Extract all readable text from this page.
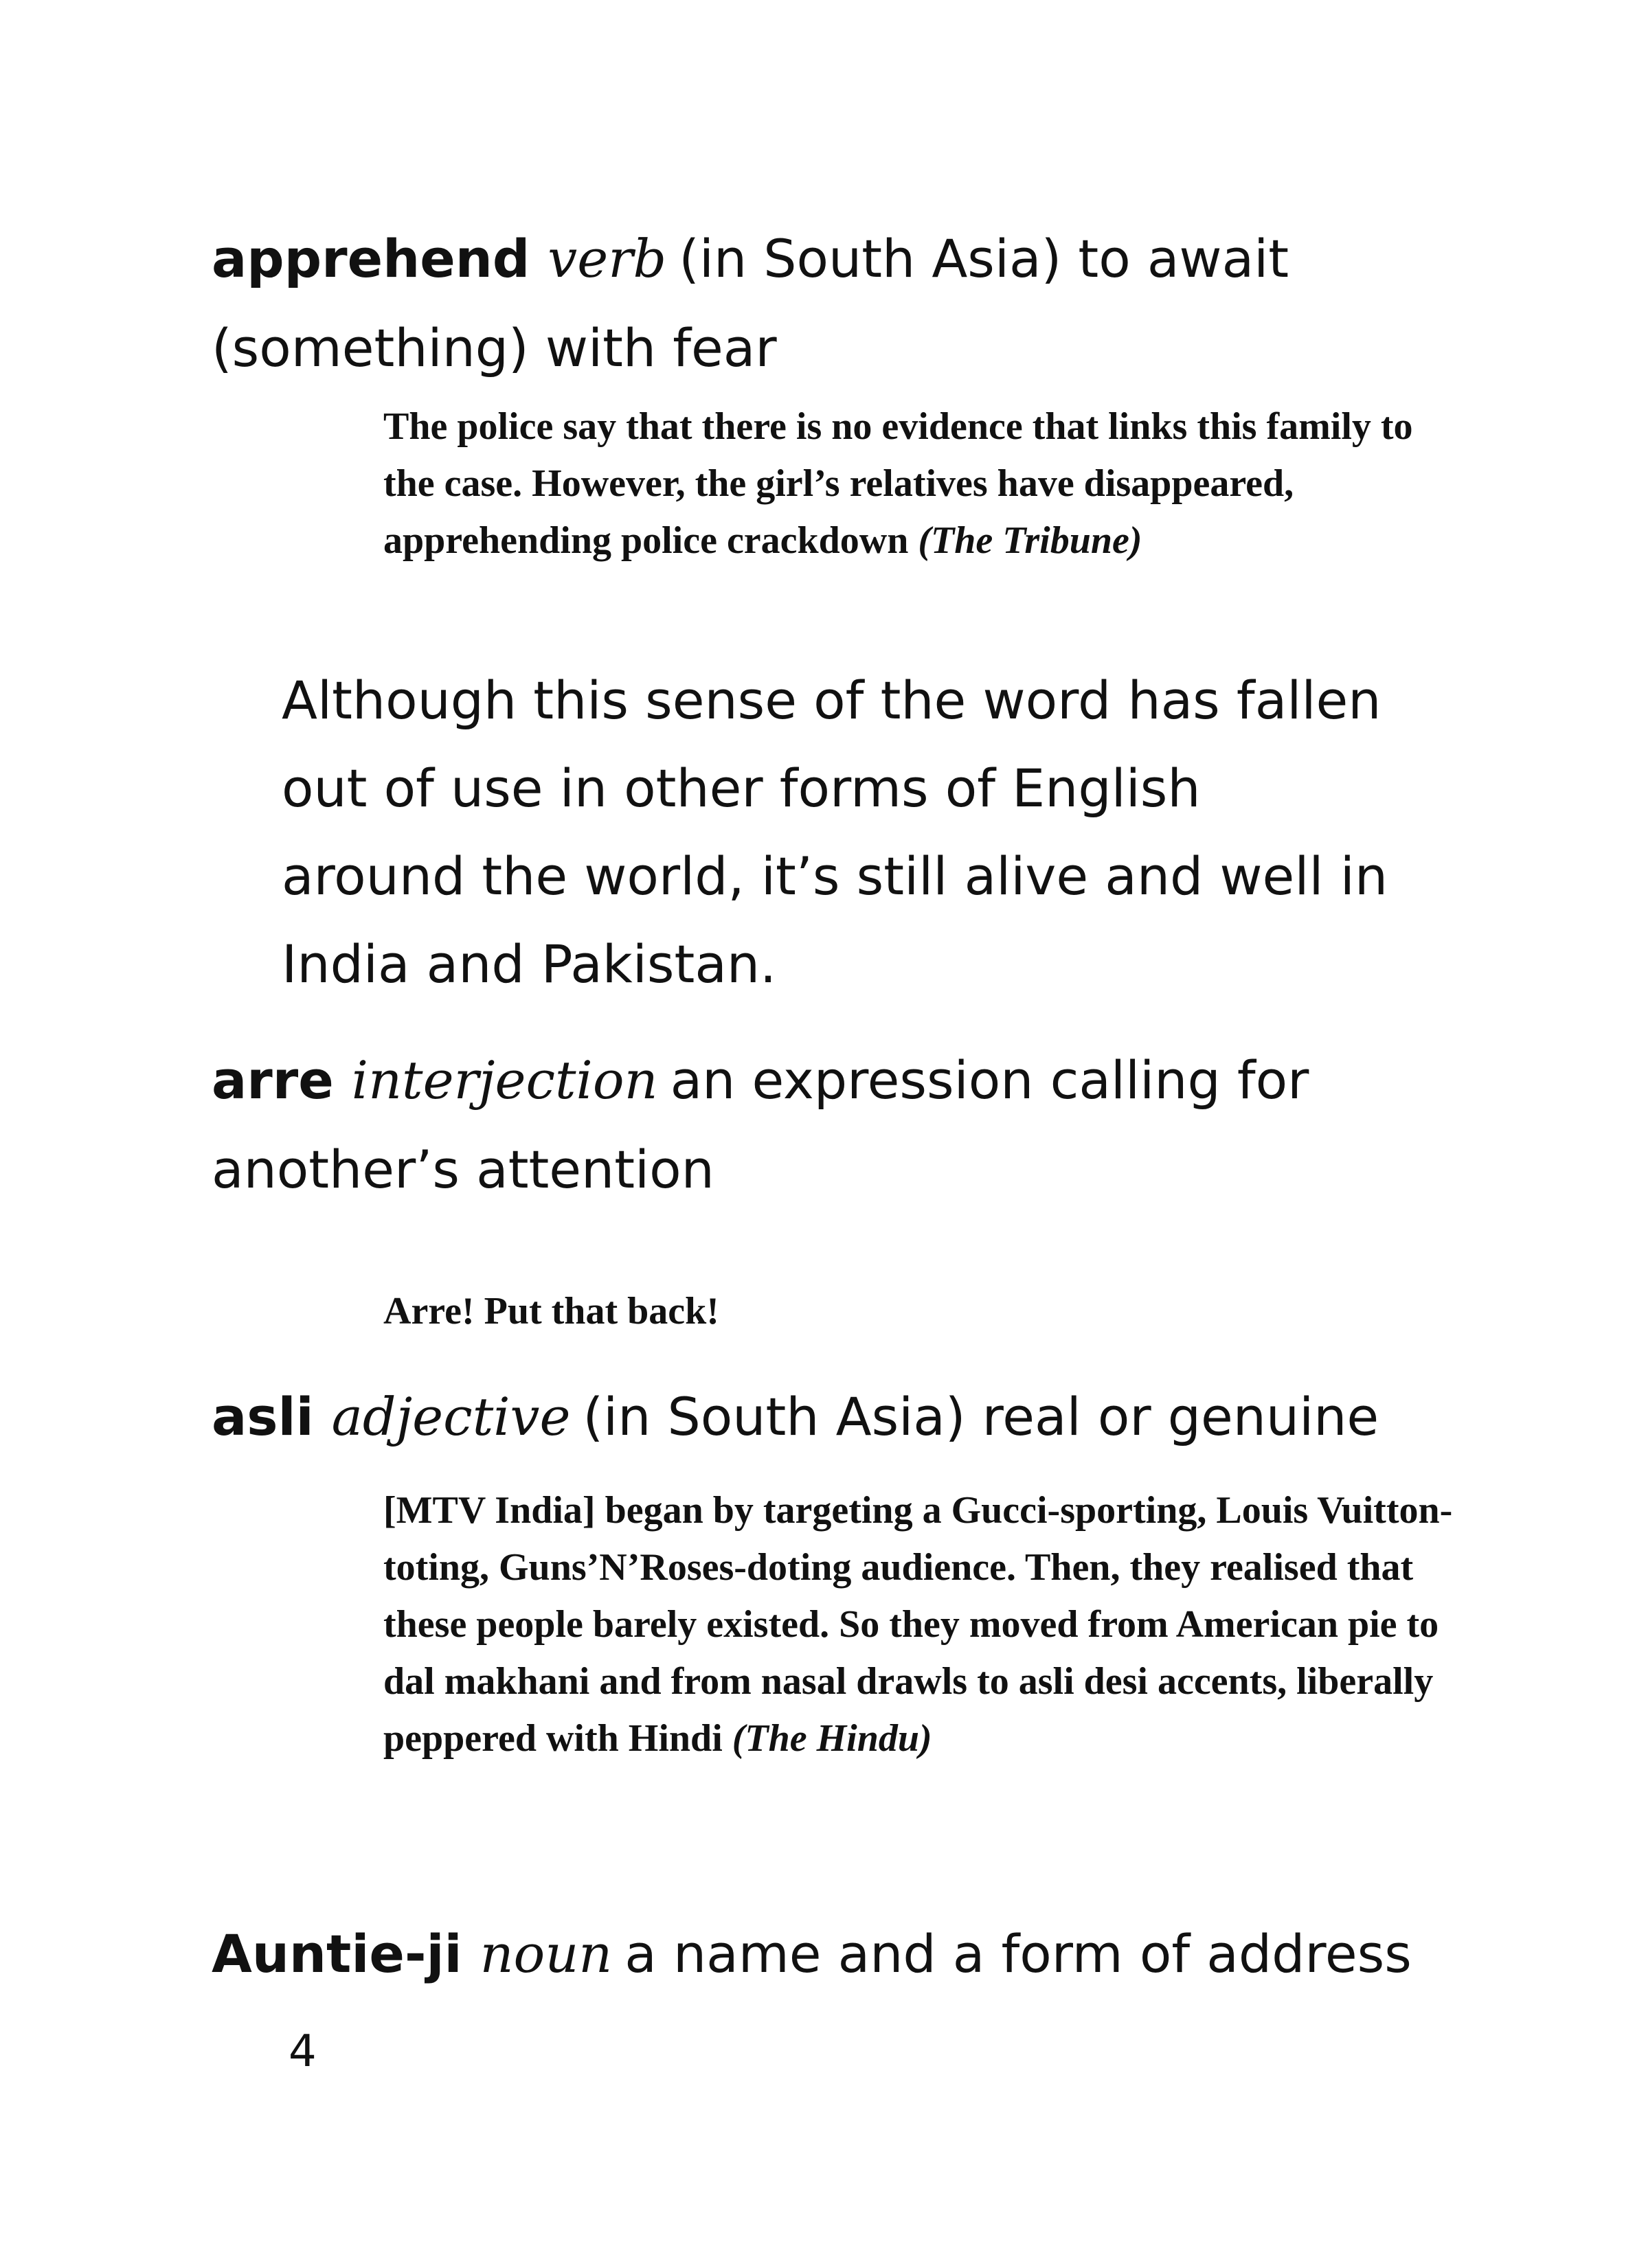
apprehend verb (in South Asia) to await (something) with fear

The police say that there is no evidence that links this family to the case. However, the girl’s relatives have disappeared, apprehending police crackdown (The Tribune)

Although this sense of the word has fallen out of use in other forms of English around the world, it’s still alive and well in India and Pakistan.

arre interjection an expression calling for another’s attention

Arre! Put that back!

asli adjective (in South Asia) real or genuine

[MTV India] began by targeting a Gucci-sporting, Louis Vuitton-toting, Guns’N’Roses-doting audience. Then, they realised that these people barely existed. So they moved from American pie to dal makhani and from nasal drawls to asli desi accents, liberally peppered with Hindi (The Hindu)

Auntie-ji noun a name and a form of address

4
